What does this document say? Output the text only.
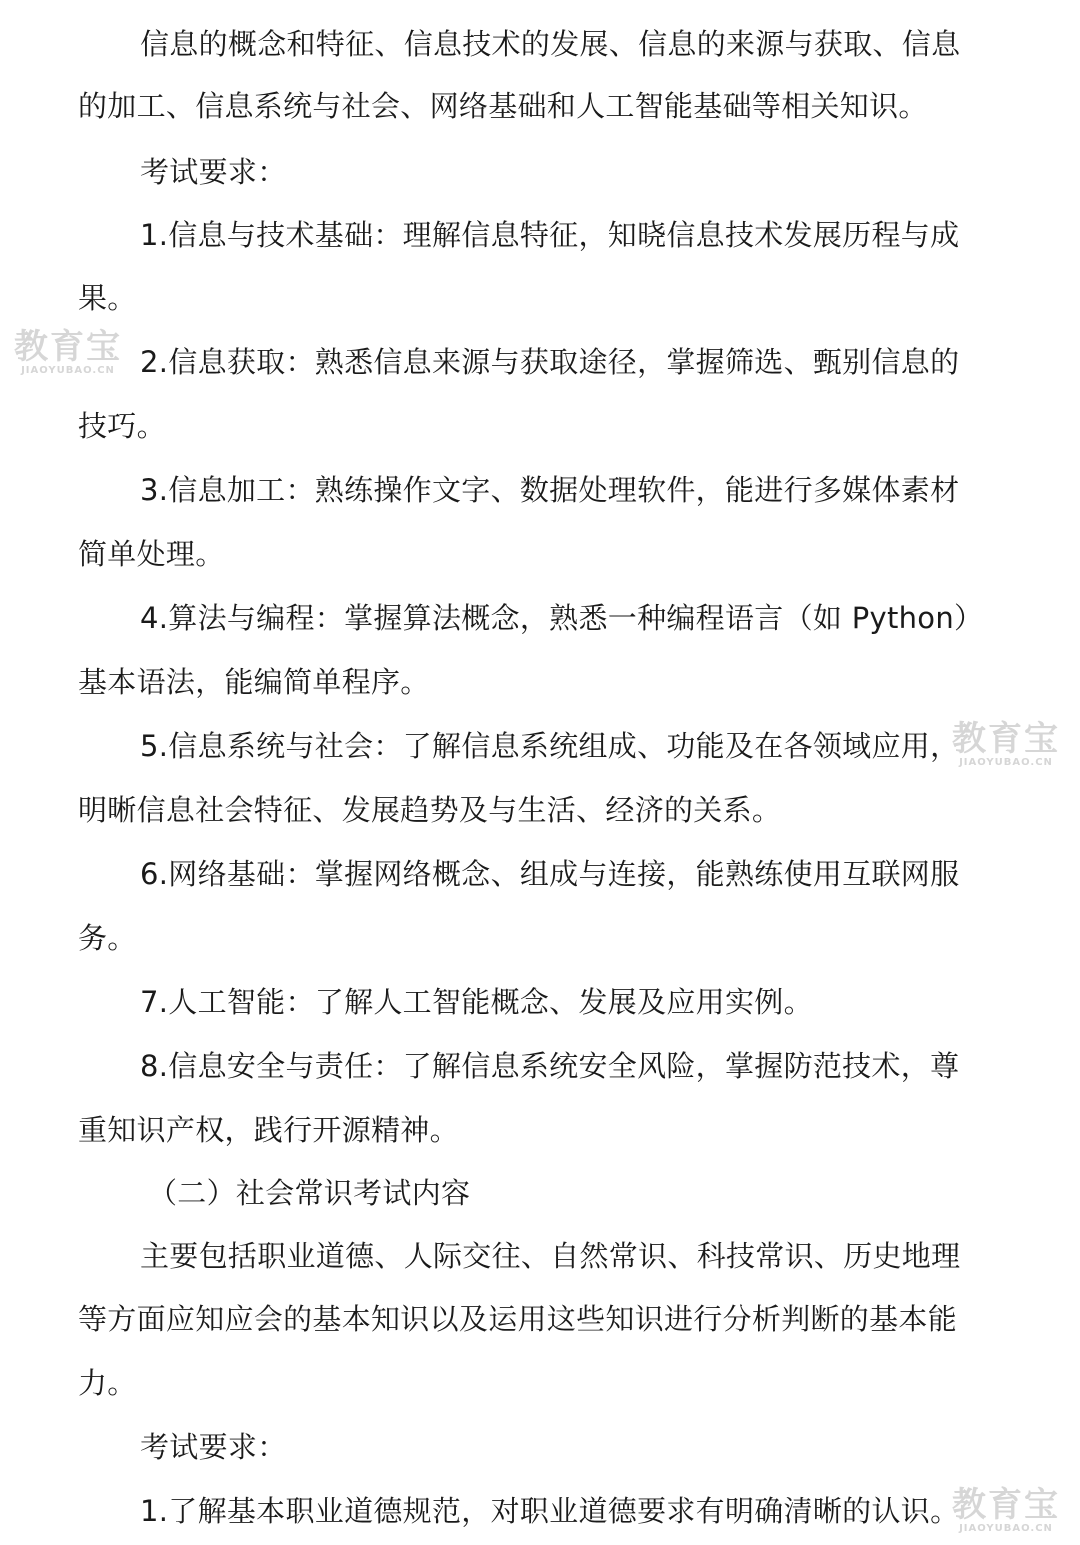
信息的概念和特征、信息技术的发展、信息的来源与获取、信息
的加工、信息系统与社会、网络基础和人工智能基础等相关知识。
考试要求：
1.信息与技术基础：理解信息特征，知晓信息技术发展历程与成
果。
2.信息获取：熟悉信息来源与获取途径，掌握筛选、甄别信息的
技巧。
3.信息加工：熟练操作文字、数据处理软件，能进行多媒体素材
简单处理。
4.算法与编程：掌握算法概念，熟悉一种编程语言（如 Python）
基本语法，能编简单程序。
5.信息系统与社会：了解信息系统组成、功能及在各领域应用，
明晰信息社会特征、发展趋势及与生活、经济的关系。
6.网络基础：掌握网络概念、组成与连接，能熟练使用互联网服
务。
7.人工智能：了解人工智能概念、发展及应用实例。
8.信息安全与责任：了解信息系统安全风险，掌握防范技术，尊
重知识产权，践行开源精神。
（二）社会常识考试内容
主要包括职业道德、人际交往、自然常识、科技常识、历史地理
等方面应知应会的基本知识以及运用这些知识进行分析判断的基本能
力。
考试要求：
1.了解基本职业道德规范，对职业道德要求有明确清晰的认识。
教育宝
JIAOYUBAO.CN
教育宝
JIAOYUBAO.CN
教育宝
JIAOYUBAO.CN
